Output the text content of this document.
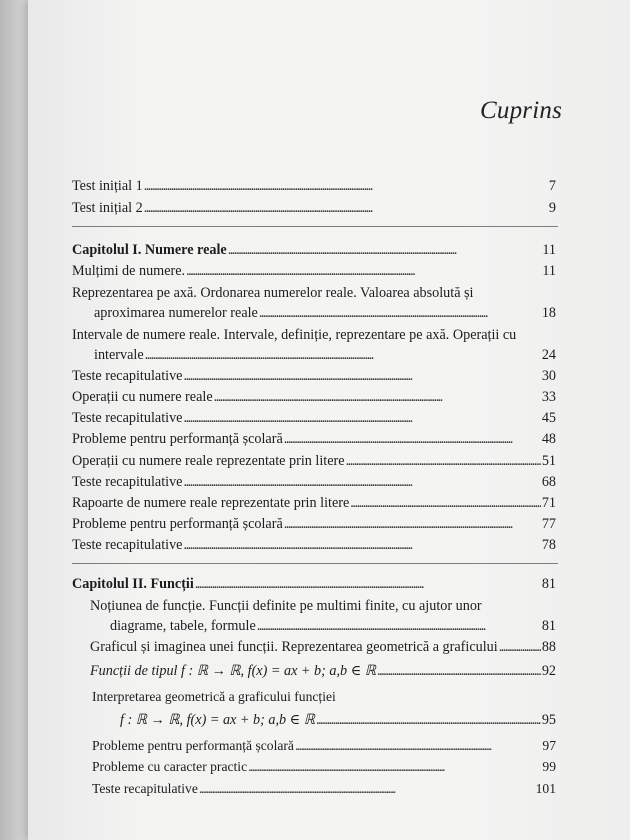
Cuprins
Test inițial 1 . . .	7
Test inițial 2 . . .	9
Capitolul I. Numere reale . . .	11
Mulțimi de numere. . . .	11
Reprezentarea pe axă. Ordonarea numerelor reale. Valoarea absolută și
aproximarea numerelor reale . . .	18
Intervale de numere reale. Intervale, definiție, reprezentare pe axă. Operații cu
intervale . . .	24
Teste recapitulative . . .	30
Operații cu numere reale . . .	33
Teste recapitulative . . .	45
Probleme pentru performanță școlară . . .	48
Operații cu numere reale reprezentate prin litere . . .	51
Teste recapitulative . . .	68
Rapoarte de numere reale reprezentate prin litere . . .	71
Probleme pentru performanță școlară . . .	77
Teste recapitulative . . .	78
Capitolul II. Funcții . . .	81
Noțiunea de funcție. Funcții definite pe multimi finite, cu ajutor unor
diagrame, tabele, formule . . .	81
Graficul și imaginea unei funcții. Reprezentarea geometrică a graficului . . .	88
Funcții de tipul f : ℝ → ℝ, f(x) = ax + b; a,b ∈ ℝ . . .	92
Interpretarea geometrică a graficului funcției
f : ℝ → ℝ, f(x) = ax + b; a,b ∈ ℝ . . .	95
Probleme pentru performanță școlară . . .	97
Probleme cu caracter practic . . .	99
Teste recapitulative . . .	101
